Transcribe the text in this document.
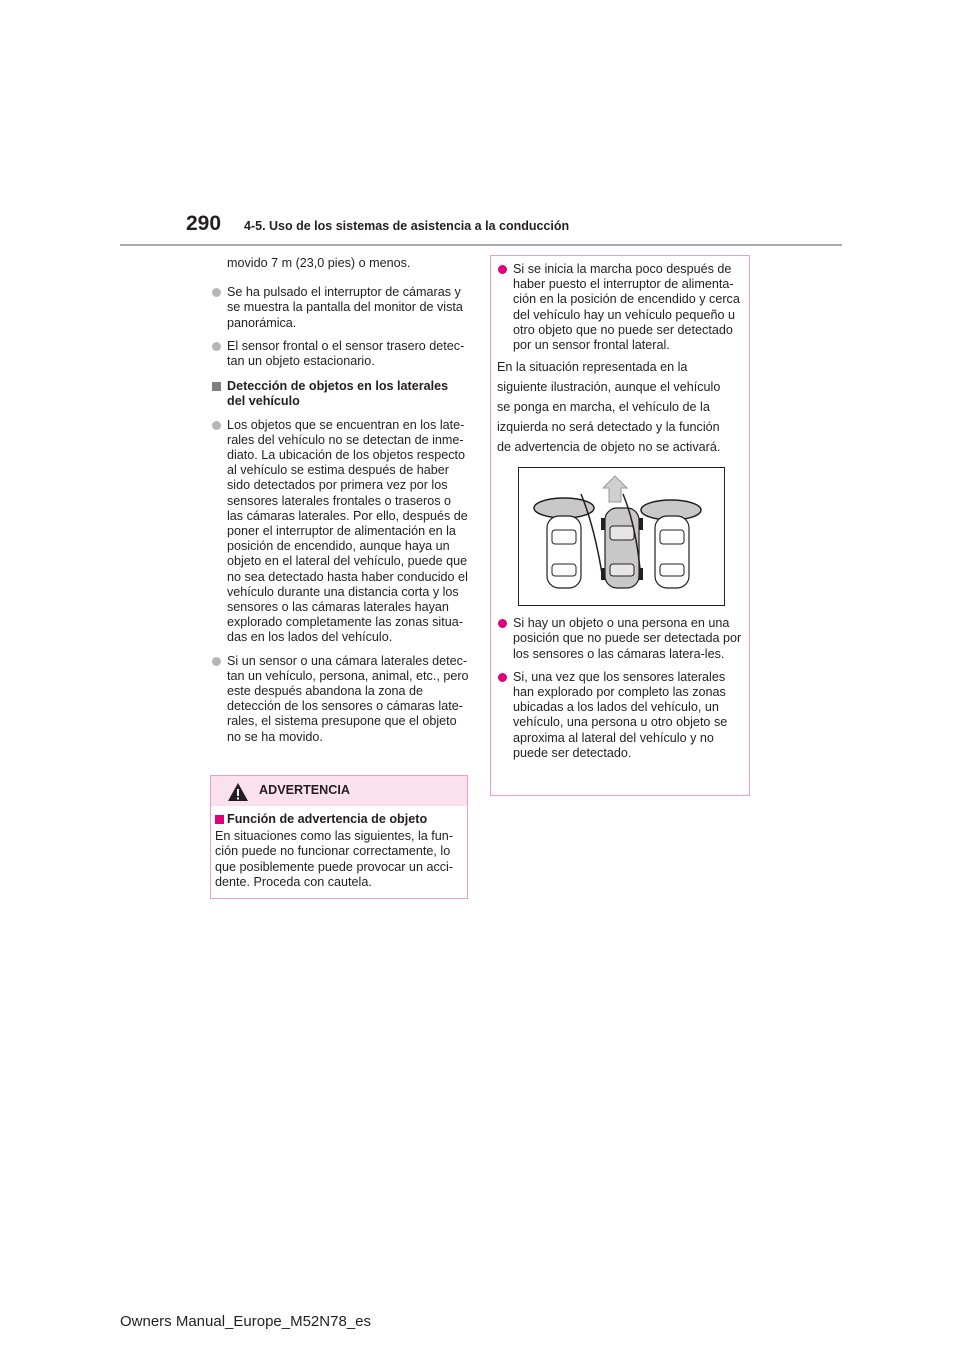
290 4-5. Uso de los sistemas de asistencia a la conducción

movido 7 m (23,0 pies) o menos.

Se ha pulsado el interruptor de cámaras y se muestra la pantalla del monitor de vista panorámica.
El sensor frontal o el sensor trasero detec-tan un objeto estacionario.
Detección de objetos en los laterales del vehículo
Los objetos que se encuentran en los late-rales del vehículo no se detectan de inme-diato. La ubicación de los objetos respecto al vehículo se estima después de haber sido detectados por primera vez por los sensores laterales frontales o traseros o las cámaras laterales. Por ello, después de poner el interruptor de alimentación en la posición de encendido, aunque haya un objeto en el lateral del vehículo, puede que no sea detectado hasta haber conducido el vehículo durante una distancia corta y los sensores o las cámaras laterales hayan explorado completamente las zonas situa-das en los lados del vehículo.
Si un sensor o una cámara laterales detec-tan un vehículo, persona, animal, etc., pero este después abandona la zona de detección de los sensores o cámaras late-rales, el sistema presupone que el objeto no se ha movido.
ADVERTENCIA
Función de advertencia de objeto
En situaciones como las siguientes, la fun-ción puede no funcionar correctamente, lo que posiblemente puede provocar un acci-dente. Proceda con cautela.
Si se inicia la marcha poco después de haber puesto el interruptor de alimenta-ción en la posición de encendido y cerca del vehículo hay un vehículo pequeño u otro objeto que no puede ser detectado por un sensor frontal lateral.

En la situación representada en la

siguiente ilustración, aunque el vehículo

se ponga en marcha, el vehículo de la

izquierda no será detectado y la función

de advertencia de objeto no se activará.

Si hay un objeto o una persona en una posición que no puede ser detectada por los sensores o las cámaras latera-les.
Si, una vez que los sensores laterales han explorado por completo las zonas ubicadas a los lados del vehículo, un vehículo, una persona u otro objeto se aproxima al lateral del vehículo y no puede ser detectado.
Owners Manual_Europe_M52N78_es
